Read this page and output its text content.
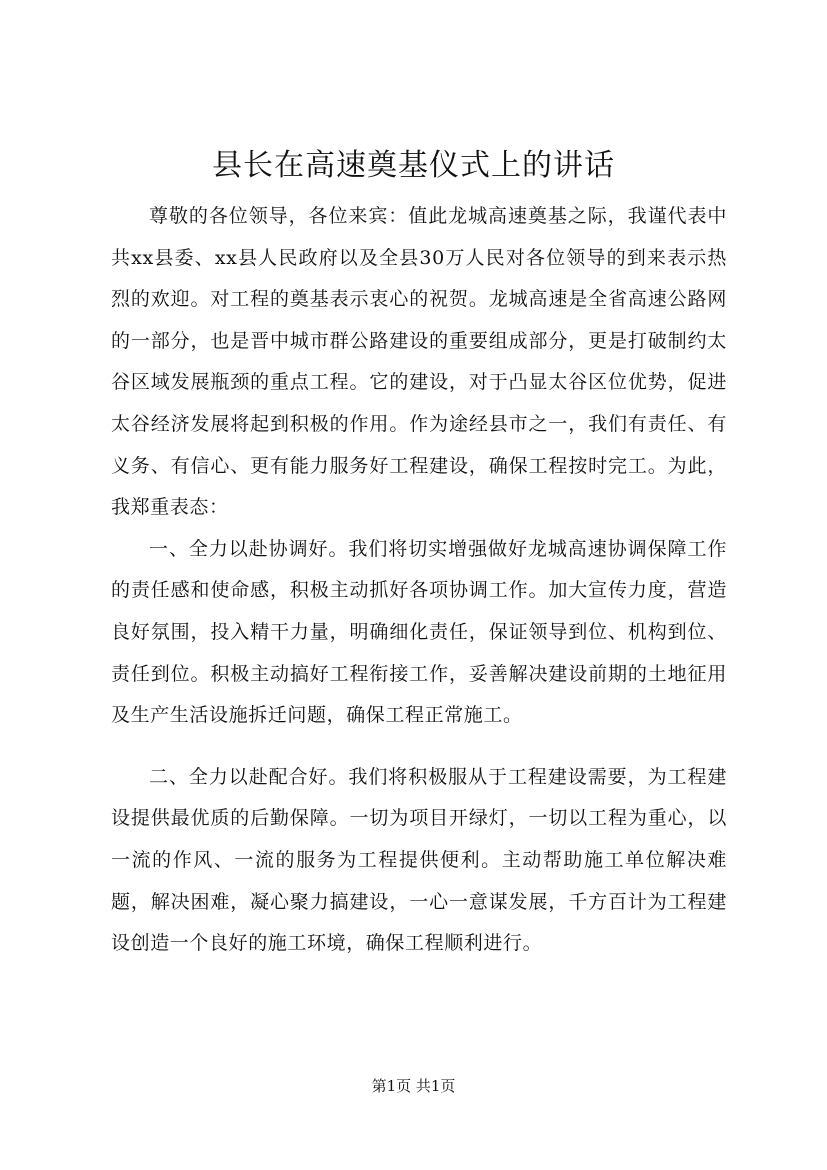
县长在高速奠基仪式上的讲话

尊敬的各位领导，各位来宾：值此龙城高速奠基之际，我谨代表中共xx县委、xx县人民政府以及全县30万人民对各位领导的到来表示热烈的欢迎。对工程的奠基表示衷心的祝贺。龙城高速是全省高速公路网的一部分，也是晋中城市群公路建设的重要组成部分，更是打破制约太谷区域发展瓶颈的重点工程。它的建设，对于凸显太谷区位优势，促进太谷经济发展将起到积极的作用。作为途经县市之一，我们有责任、有义务、有信心、更有能力服务好工程建设，确保工程按时完工。为此，我郑重表态：

一、全力以赴协调好。我们将切实增强做好龙城高速协调保障工作的责任感和使命感，积极主动抓好各项协调工作。加大宣传力度，营造良好氛围，投入精干力量，明确细化责任，保证领导到位、机构到位、责任到位。积极主动搞好工程衔接工作，妥善解决建设前期的土地征用及生产生活设施拆迁问题，确保工程正常施工。

二、全力以赴配合好。我们将积极服从于工程建设需要，为工程建设提供最优质的后勤保障。一切为项目开绿灯，一切以工程为重心，以一流的作风、一流的服务为工程提供便利。主动帮助施工单位解决难题，解决困难，凝心聚力搞建设，一心一意谋发展，千方百计为工程建设创造一个良好的施工环境，确保工程顺利进行。

第1页 共1页
